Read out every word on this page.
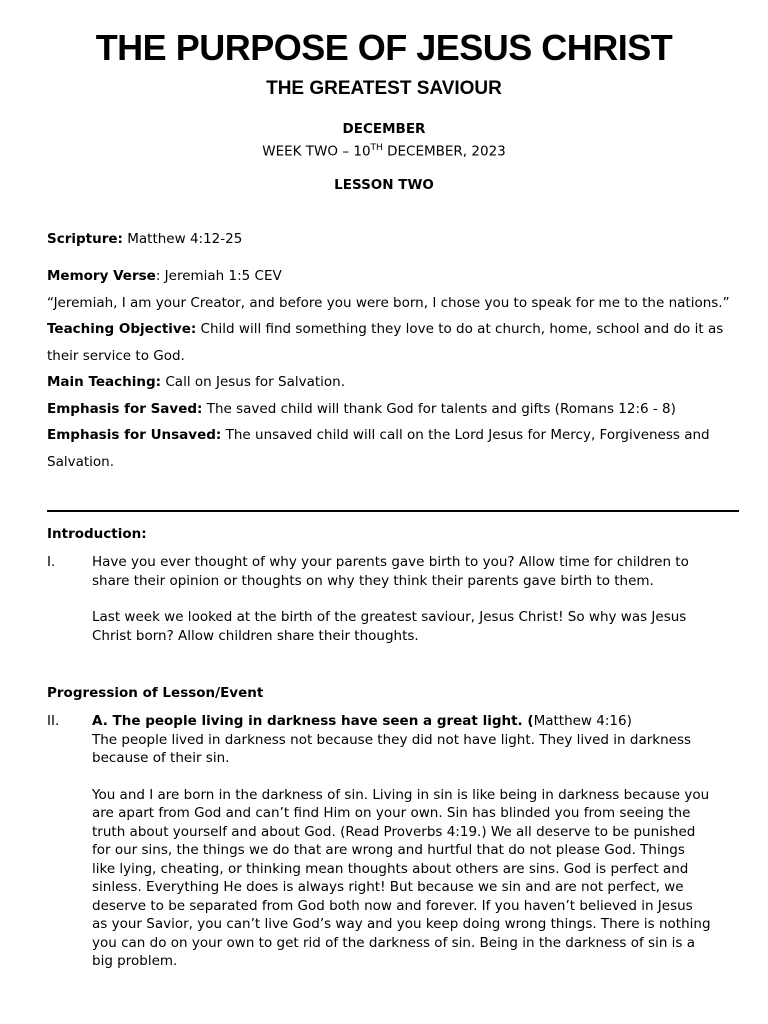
THE PURPOSE OF JESUS CHRIST
THE GREATEST SAVIOUR
DECEMBER
WEEK TWO – 10TH DECEMBER, 2023
LESSON TWO
Scripture: Matthew 4:12-25
Memory Verse: Jeremiah 1:5 CEV
“Jeremiah, I am your Creator, and before you were born, I chose you to speak for me to the nations.”
Teaching Objective: Child will find something they love to do at church, home, school and do it as their service to God.
Main Teaching: Call on Jesus for Salvation.
Emphasis for Saved: The saved child will thank God for talents and gifts (Romans 12:6 - 8)
Emphasis for Unsaved: The unsaved child will call on the Lord Jesus for Mercy, Forgiveness and Salvation.
Introduction:
I.	Have you ever thought of why your parents gave birth to you? Allow time for children to share their opinion or thoughts on why they think their parents gave birth to them.

Last week we looked at the birth of the greatest saviour, Jesus Christ! So why was Jesus Christ born? Allow children share their thoughts.

Progression of Lesson/Event
II. A. The people living in darkness have seen a great light. (Matthew 4:16)

The people lived in darkness not because they did not have light. They lived in darkness because of their sin.

You and I are born in the darkness of sin. Living in sin is like being in darkness because you are apart from God and can’t find Him on your own. Sin has blinded you from seeing the truth about yourself and about God. (Read Proverbs 4:19.) We all deserve to be punished for our sins, the things we do that are wrong and hurtful that do not please God. Things like lying, cheating, or thinking mean thoughts about others are sins. God is perfect and sinless. Everything He does is always right! But because we sin and are not perfect, we deserve to be separated from God both now and forever. If you haven’t believed in Jesus as your Savior, you can’t live God’s way and you keep doing wrong things. There is nothing you can do on your own to get rid of the darkness of sin. Being in the darkness of sin is a big problem.
